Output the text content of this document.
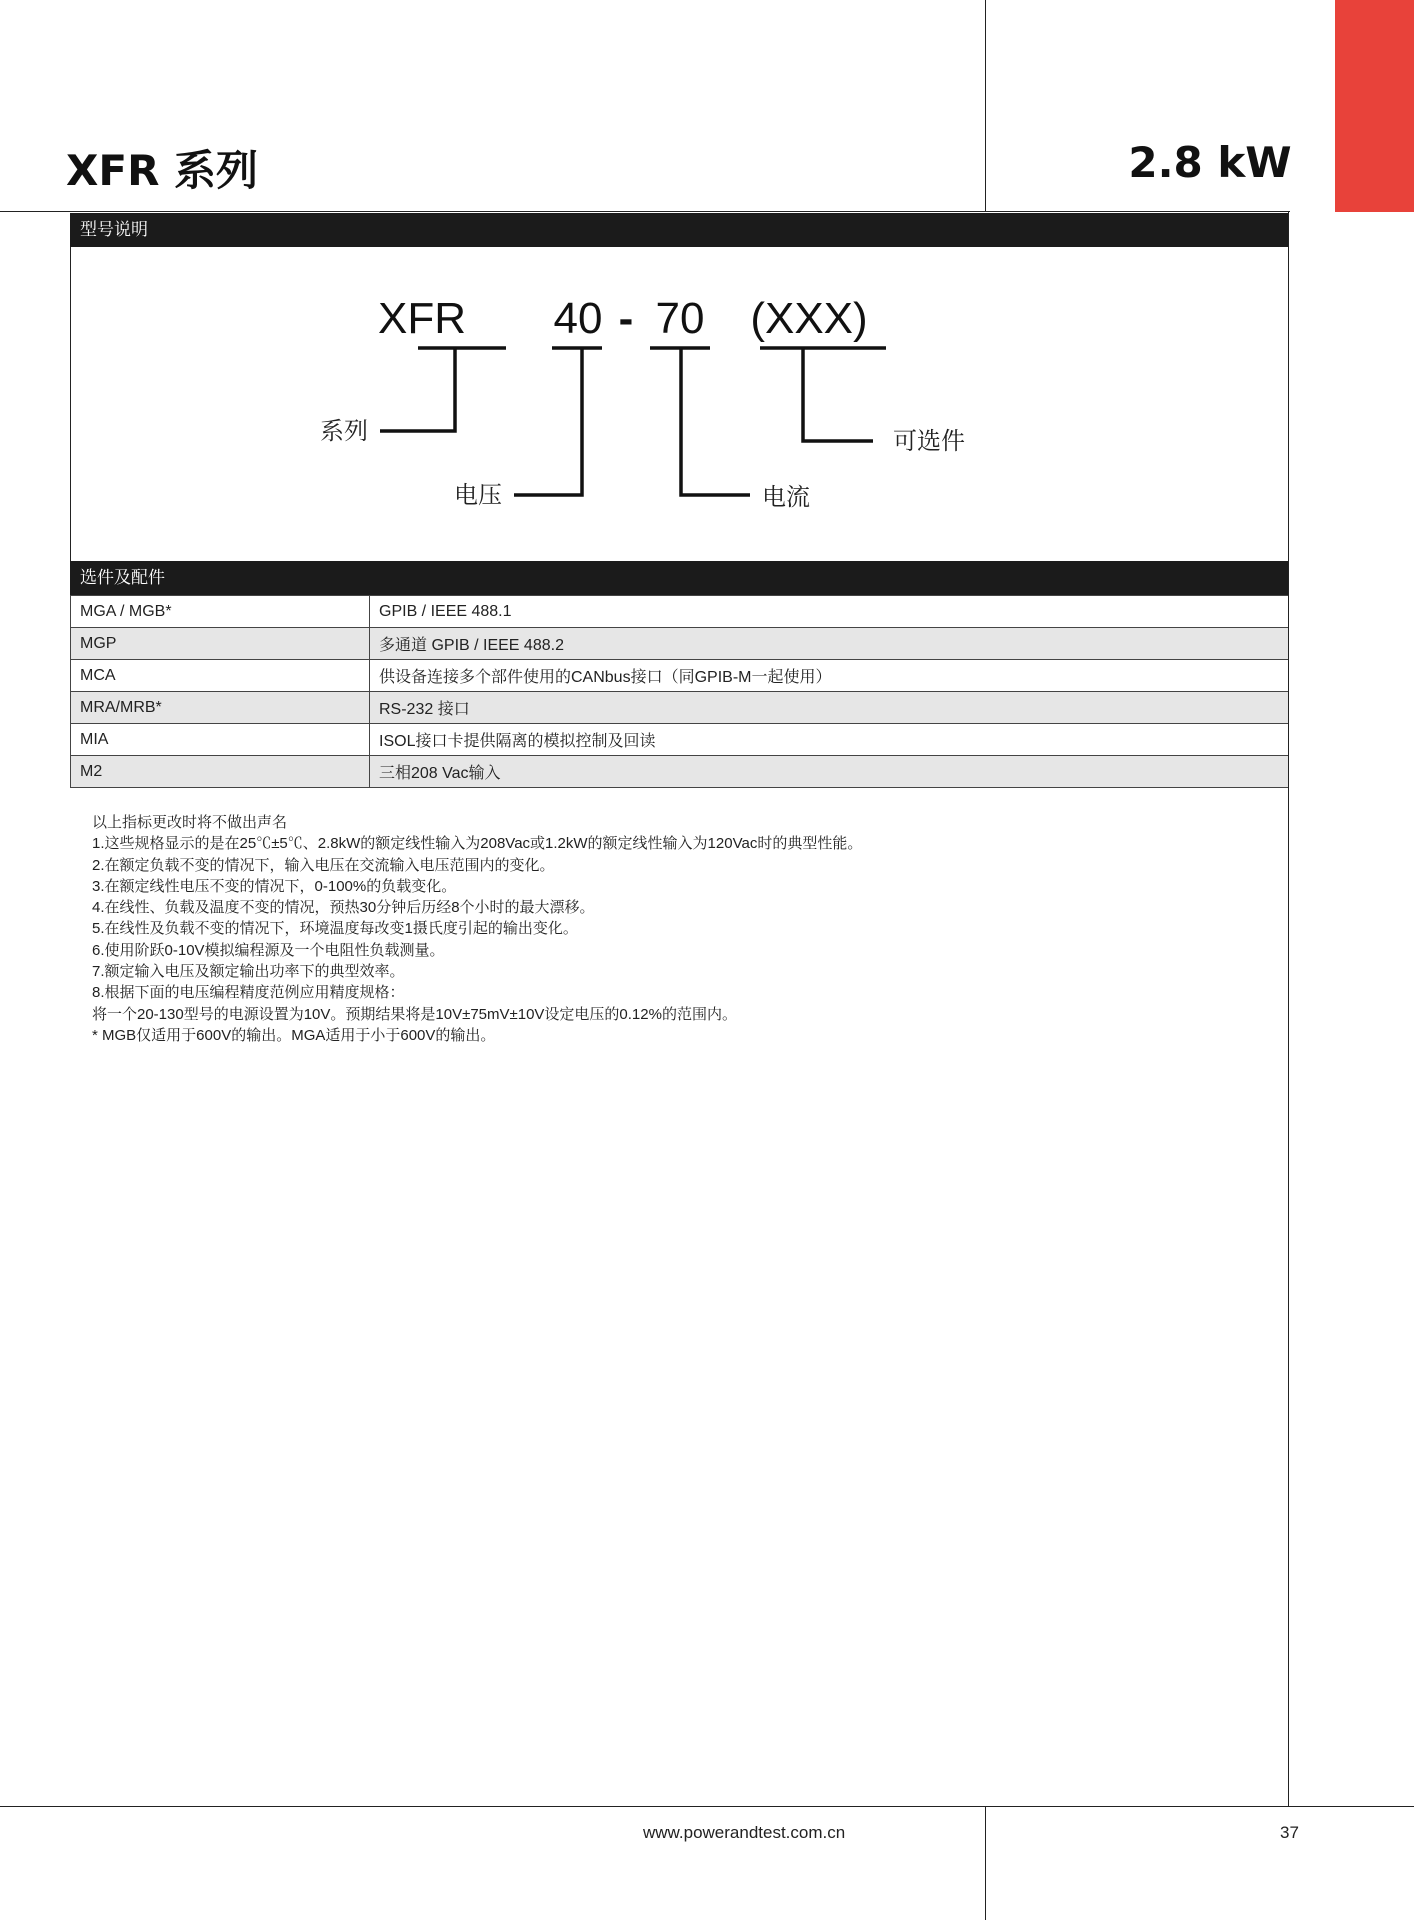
XFR 系列	2.8 kW
型号说明
XFR 40 - 70 (XXX)
系列
电压	电流
可选件
选件及配件
MGA / MGB*	GPIB / IEEE 488.1
MGP	多通道 GPIB / IEEE 488.2
MCA	供设备连接多个部件使用的CANbus接口（同GPIB-M一起使用）
MRA/MRB*	RS-232 接口
MIA	ISOL接口卡提供隔离的模拟控制及回读
M2	三相208 Vac输入
以上指标更改时将不做出声名
1.这些规格显示的是在25℃±5℃、2.8kW的额定线性输入为208Vac或1.2kW的额定线性输入为120Vac时的典型性能。
2.在额定负载不变的情况下，输入电压在交流输入电压范围内的变化。
3.在额定线性电压不变的情况下，0-100%的负载变化。
4.在线性、负载及温度不变的情况，预热30分钟后历经8个小时的最大漂移。
5.在线性及负载不变的情况下，环境温度每改变1摄氏度引起的输出变化。
6.使用阶跃0-10V模拟编程源及一个电阻性负载测量。
7.额定输入电压及额定输出功率下的典型效率。
8.根据下面的电压编程精度范例应用精度规格：
将一个20-130型号的电源设置为10V。预期结果将是10V±75mV±10V设定电压的0.12%的范围内。
* MGB仅适用于600V的输出。MGA适用于小于600V的输出。
www.powerandtest.com.cn	37
